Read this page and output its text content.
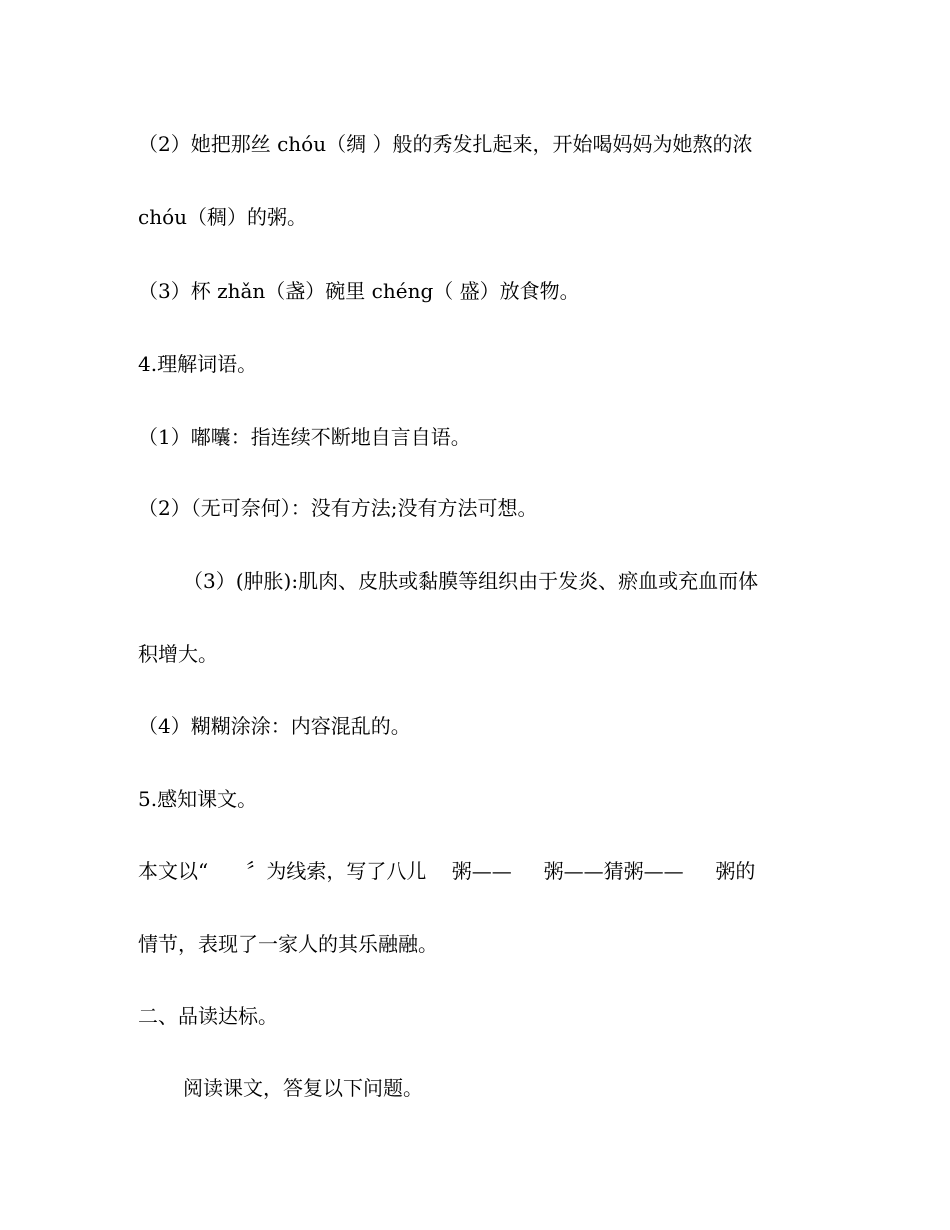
（2）她把那丝 chóu（绸 ）般的秀发扎起来，开始喝妈妈为她熬的浓
chóu（稠）的粥。
（3）杯 zhǎn（盏）碗里 chéng（ 盛）放食物。
4.理解词语。
（1）嘟囔：指连续不断地自言自语。
（2）（无可奈何）：没有方法;没有方法可想。
（3）(肿胀):肌肉、皮肤或黏膜等组织由于发炎、瘀血或充血而体
积增大。
（4）糊糊涂涂：内容混乱的。
5.感知课文。
本文以“      〞为线索，写了八儿    粥——     粥——猜粥——     粥的
情节，表现了一家人的其乐融融。
二、品读达标。
阅读课文，答复以下问题。
